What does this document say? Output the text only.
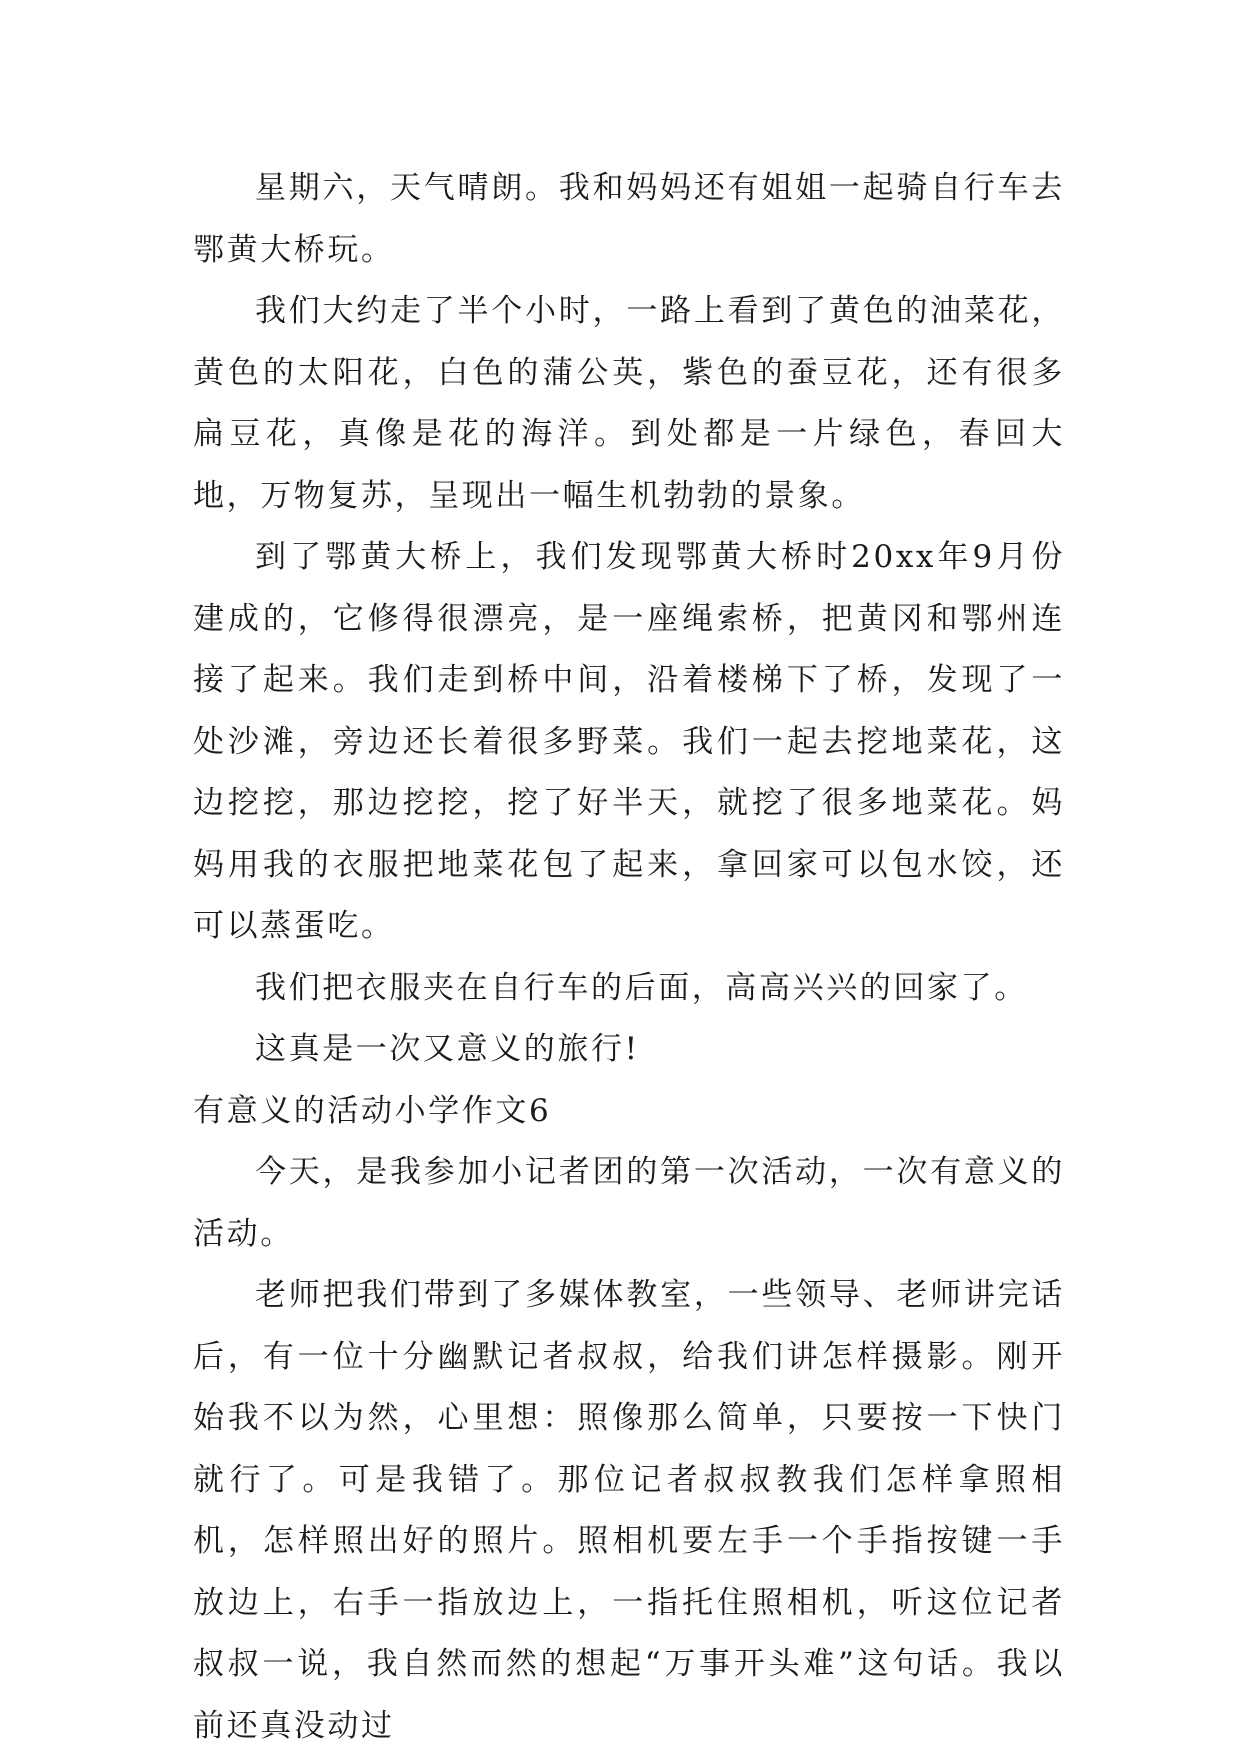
星期六，天气晴朗。我和妈妈还有姐姐一起骑自行车去鄂黄大桥玩。

我们大约走了半个小时，一路上看到了黄色的油菜花，黄色的太阳花，白色的蒲公英，紫色的蚕豆花，还有很多扁豆花，真像是花的海洋。到处都是一片绿色，春回大地，万物复苏，呈现出一幅生机勃勃的景象。

到了鄂黄大桥上，我们发现鄂黄大桥时20xx年9月份建成的，它修得很漂亮，是一座绳索桥，把黄冈和鄂州连接了起来。我们走到桥中间，沿着楼梯下了桥，发现了一处沙滩，旁边还长着很多野菜。我们一起去挖地菜花，这边挖挖，那边挖挖，挖了好半天，就挖了很多地菜花。妈妈用我的衣服把地菜花包了起来，拿回家可以包水饺，还可以蒸蛋吃。

我们把衣服夹在自行车的后面，高高兴兴的回家了。

这真是一次又意义的旅行!

有意义的活动小学作文6

今天，是我参加小记者团的第一次活动，一次有意义的活动。

老师把我们带到了多媒体教室，一些领导、老师讲完话后，有一位十分幽默记者叔叔，给我们讲怎样摄影。刚开始我不以为然，心里想：照像那么简单，只要按一下快门就行了。可是我错了。那位记者叔叔教我们怎样拿照相机，怎样照出好的照片。照相机要左手一个手指按键一手放边上，右手一指放边上，一指托住照相机，听这位记者叔叔一说，我自然而然的想起“万事开头难”这句话。我以前还真没动过
